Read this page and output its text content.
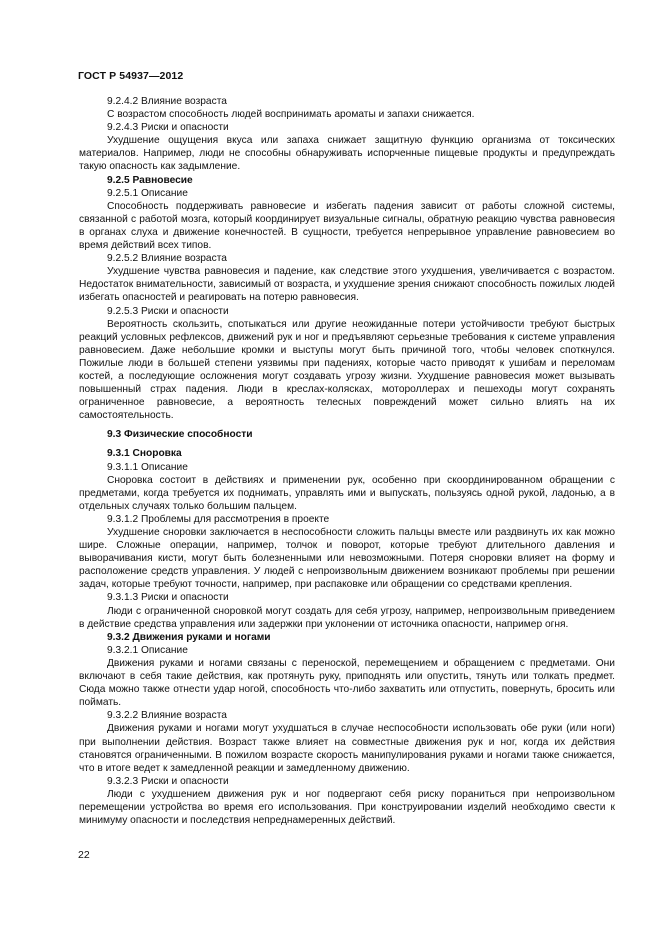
ГОСТ Р 54937—2012
9.2.4.2 Влияние возраста
С возрастом способность людей воспринимать ароматы и запахи снижается.
9.2.4.3 Риски и опасности
Ухудшение ощущения вкуса или запаха снижает защитную функцию организма от токсических материалов. Например, люди не способны обнаруживать испорченные пищевые продукты и предупреждать такую опасность как задымление.
9.2.5 Равновесие
9.2.5.1 Описание
Способность поддерживать равновесие и избегать падения зависит от работы сложной системы, связанной с работой мозга, который координирует визуальные сигналы, обратную реакцию чувства равновесия в органах слуха и движение конечностей. В сущности, требуется непрерывное управление равновесием во время действий всех типов.
9.2.5.2 Влияние возраста
Ухудшение чувства равновесия и падение, как следствие этого ухудшения, увеличивается с возрастом. Недостаток внимательности, зависимый от возраста, и ухудшение зрения снижают способность пожилых людей избегать опасностей и реагировать на потерю равновесия.
9.2.5.3 Риски и опасности
Вероятность скользить, спотыкаться или другие неожиданные потери устойчивости требуют быстрых реакций условных рефлексов, движений рук и ног и предъявляют серьезные требования к системе управления равновесием. Даже небольшие кромки и выступы могут быть причиной того, чтобы человек споткнулся. Пожилые люди в большей степени уязвимы при падениях, которые часто приводят к ушибам и переломам костей, а последующие осложнения могут создавать угрозу жизни. Ухудшение равновесия может вызывать повышенный страх падения. Люди в креслах-колясках, мотороллерах и пешеходы могут сохранять ограниченное равновесие, а вероятность телесных повреждений может сильно влиять на их самостоятельность.
9.3 Физические способности
9.3.1 Сноровка
9.3.1.1 Описание
Сноровка состоит в действиях и применении рук, особенно при скоординированном обращении с предметами, когда требуется их поднимать, управлять ими и выпускать, пользуясь одной рукой, ладонью, а в отдельных случаях только большим пальцем.
9.3.1.2 Проблемы для рассмотрения в проекте
Ухудшение сноровки заключается в неспособности сложить пальцы вместе или раздвинуть их как можно шире. Сложные операции, например, толчок и поворот, которые требуют длительного давления и выворачивания кисти, могут быть болезненными или невозможными. Потеря сноровки влияет на форму и расположение средств управления. У людей с непроизвольным движением возникают проблемы при решении задач, которые требуют точности, например, при распаковке или обращении со средствами крепления.
9.3.1.3 Риски и опасности
Люди с ограниченной сноровкой могут создать для себя угрозу, например, непроизвольным приведением в действие средства управления или задержки при уклонении от источника опасности, например огня.
9.3.2 Движения руками и ногами
9.3.2.1 Описание
Движения руками и ногами связаны с переноской, перемещением и обращением с предметами. Они включают в себя такие действия, как протянуть руку, приподнять или опустить, тянуть или толкать предмет. Сюда можно также отнести удар ногой, способность что-либо захватить или отпустить, повернуть, бросить или поймать.
9.3.2.2 Влияние возраста
Движения руками и ногами могут ухудшаться в случае неспособности использовать обе руки (или ноги) при выполнении действия. Возраст также влияет на совместные движения рук и ног, когда их действия становятся ограниченными. В пожилом возрасте скорость манипулирования руками и ногами также снижается, что в итоге ведет к замедленной реакции и замедленному движению.
9.3.2.3 Риски и опасности
Люди с ухудшением движения рук и ног подвергают себя риску пораниться при непроизвольном перемещении устройства во время его использования. При конструировании изделий необходимо свести к минимуму опасности и последствия непреднамеренных действий.
22
